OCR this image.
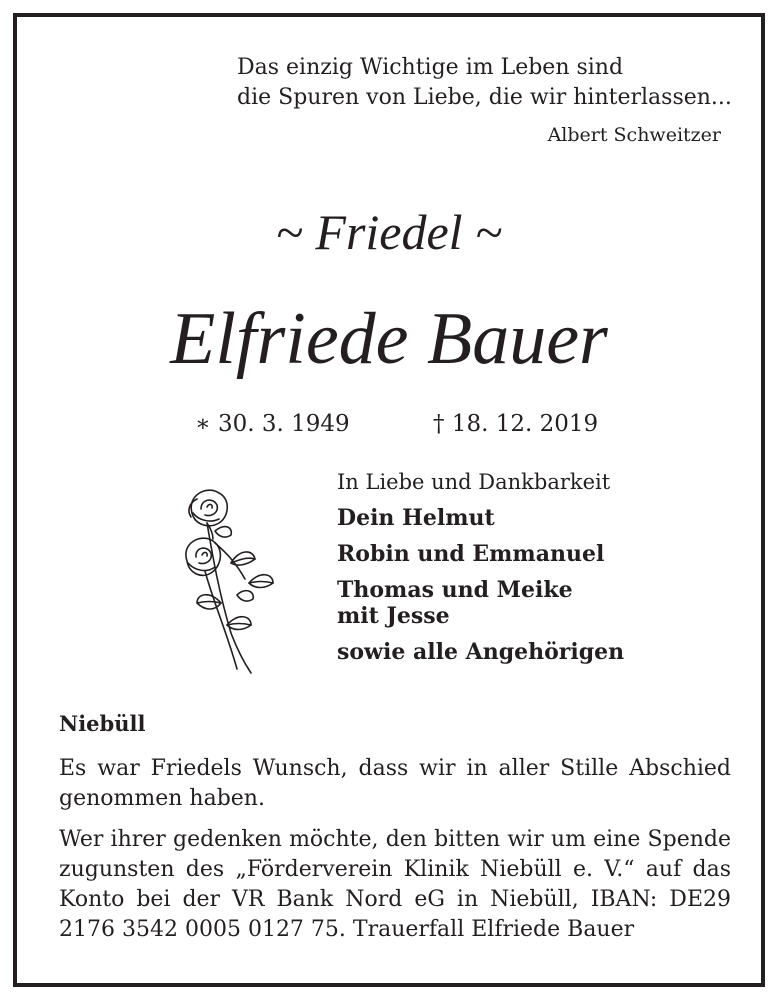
Das einzig Wichtige im Leben sind
die Spuren von Liebe, die wir hinterlassen...
Albert Schweitzer
~ Friedel ~
Elfriede Bauer
∗ 30. 3. 1949	† 18. 12. 2019
In Liebe und Dankbarkeit
Dein Helmut
Robin und Emmanuel
Thomas und Meike
mit Jesse
sowie alle Angehörigen
Niebüll
Es war Friedels Wunsch, dass wir in aller Stille Abschied genommen haben.
Wer ihrer gedenken möchte, den bitten wir um eine Spende zugunsten des „Förderverein Klinik Niebüll e. V.“ auf das Konto bei der VR Bank Nord eG in Niebüll, IBAN: DE29 2176 3542 0005 0127 75. Trauerfall Elfriede Bauer
